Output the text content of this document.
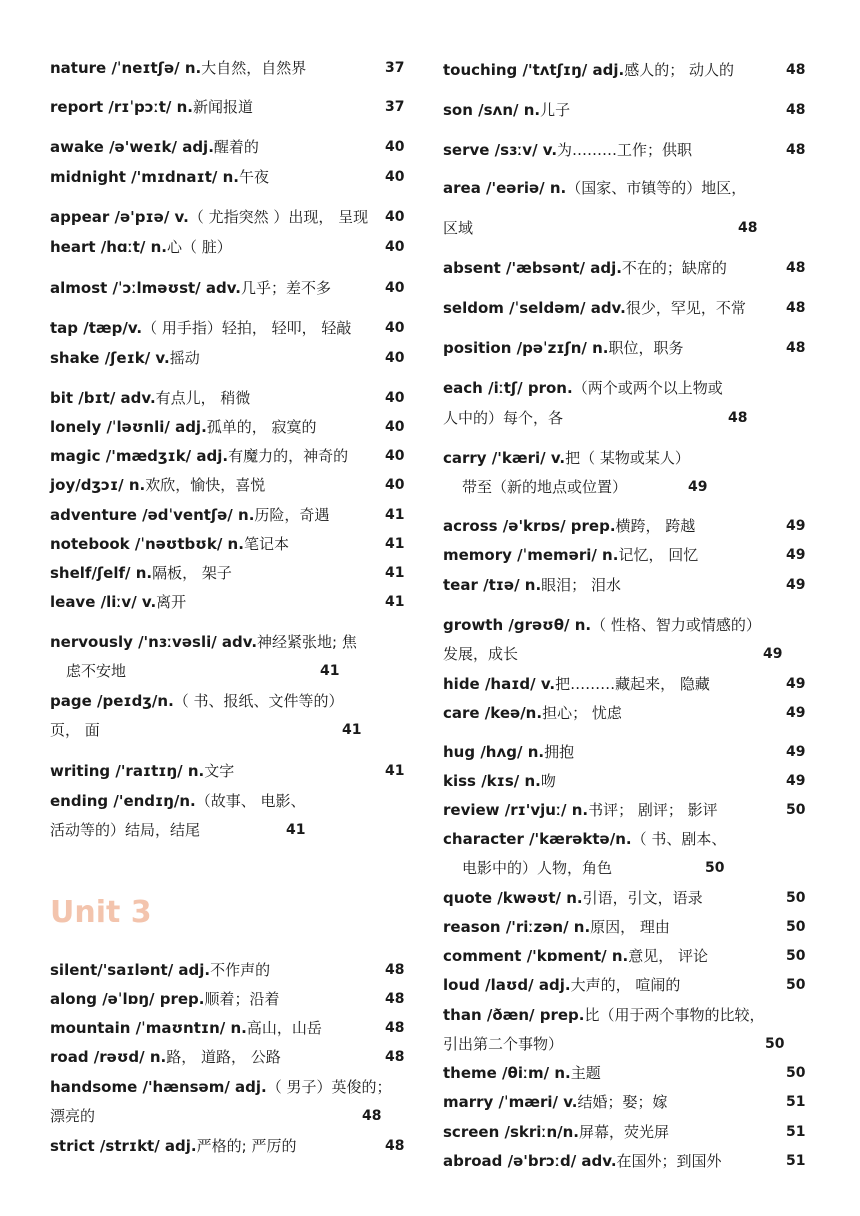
nature /ˈneɪtʃə/ n.大自然，自然界	37
report /rɪˈpɔːt/ n.新闻报道	37
awake /ə'weɪk/ adj.醒着的	40
midnight /'mɪdnaɪt/ n.午夜	40
appear /ə'pɪə/ v.（ 尤指突然 ）出现， 呈现 40
heart /hɑːt/ n.心（ 脏）	40
almost /ˈɔːlməʊst/ adv.几乎；差不多	40
tap /tæp/v.（ 用手指）轻拍， 轻叩， 轻敲 40
shake /ʃeɪk/ v.摇动	40
bit /bɪt/ adv.有点儿， 稍微	40
lonely /ˈləʊnli/ adj.孤单的， 寂寞的	40
magic /'mædʒɪk/ adj.有魔力的，神奇的	40
joy/dʒɔɪ/ n.欢欣，愉快，喜悦	40
adventure /ədˈventʃə/ n.历险，奇遇	41
notebook /ˈnəʊtbʊk/ n.笔记本	41
shelf/ʃelf/ n.隔板， 架子	41
leave /liːv/ v.离开	41
nervously /'nɜːvəsli/ adv.神经紧张地; 焦
虑不安地	41
page /peɪdʒ/n.（ 书、报纸、文件等的）
页， 面	41
writing /'raɪtɪŋ/ n.文字	41
ending /'endɪŋ/n.（故事、 电影、
活动等的）结局，结尾	41
Unit 3
silent/'saɪlənt/ adj.不作声的	48
along /əˈlɒŋ/ prep.顺着；沿着	48
mountain /ˈmaʊntɪn/ n.高山，山岳	48
road /rəʊd/ n.路， 道路， 公路	48
handsome /'hænsəm/ adj.（ 男子）英俊的；
漂亮的	48
strict /strɪkt/ adj.严格的; 严厉的	48
touching /'tʌtʃɪŋ/ adj.感人的； 动人的	48
son /sʌn/ n.儿子	48
serve /sɜːv/ v.为………工作；供职	48
area /'eəriə/ n.（国家、市镇等的）地区，
区域	48
absent /'æbsənt/ adj.不在的；缺席的	48
seldom /ˈseldəm/ adv.很少，罕见，不常	48
position /pəˈzɪʃn/ n.职位，职务	48
each /iːtʃ/ pron.（两个或两个以上物或
人中的）每个，各	48
carry /'kæri/ v.把（ 某物或某人）
带至（新的地点或位置）	49
across /ə'krɒs/ prep.横跨， 跨越	49
memory /ˈmeməri/ n.记忆， 回忆	49
tear /tɪə/ n.眼泪； 泪水	49
growth /grəʊθ/ n.（ 性格、智力或情感的）
发展，成长	49
hide /haɪd/ v.把………藏起来， 隐藏	49
care /keə/n.担心； 忧虑	49
hug /hʌg/ n.拥抱	49
kiss /kɪs/ n.吻	49
review /rɪ'vjuː/ n.书评； 剧评； 影评	50
character /'kærəktə/n.（ 书、剧本、
电影中的）人物，角色	50
quote /kwəʊt/ n.引语，引文，语录	50
reason /'riːzən/ n.原因， 理由	50
comment /'kɒment/ n.意见， 评论	50
loud /laʊd/ adj.大声的， 喧闹的	50
than /ðæn/ prep.比（用于两个事物的比较，
引出第二个事物）	50
theme /θiːm/ n.主题	50
marry /ˈmæri/ v.结婚；娶；嫁	51
screen /skriːn/n.屏幕，荧光屏	51
abroad /ə'brɔːd/ adv.在国外；到国外	51
